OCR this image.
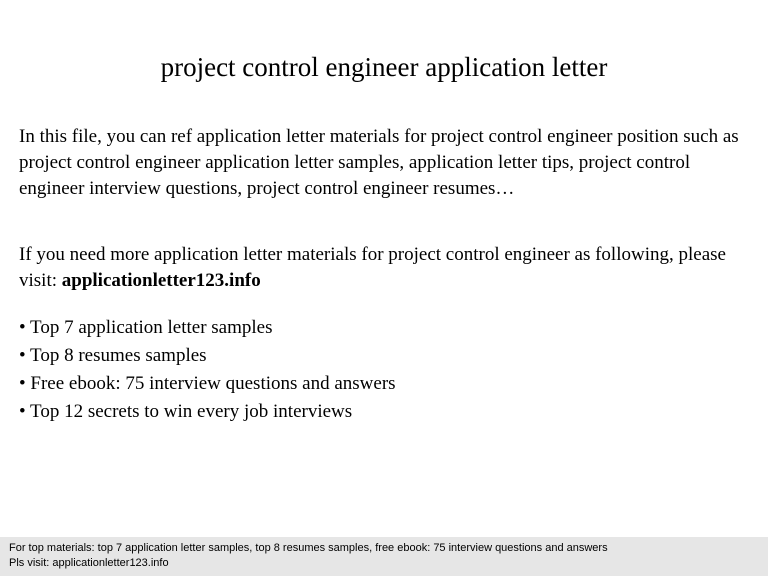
project control engineer application letter

In this file, you can ref application letter materials for project control engineer position such as project control engineer application letter samples, application letter tips, project control engineer interview questions, project control engineer resumes…

If you need more application letter materials for project control engineer as following, please visit: applicationletter123.info

• Top 7 application letter samples
• Top 8 resumes samples
• Free ebook: 75 interview questions and answers
• Top 12 secrets to win every job interviews
For top materials: top 7 application letter samples, top 8 resumes samples, free ebook: 75 interview questions and answers
Pls visit: applicationletter123.info
